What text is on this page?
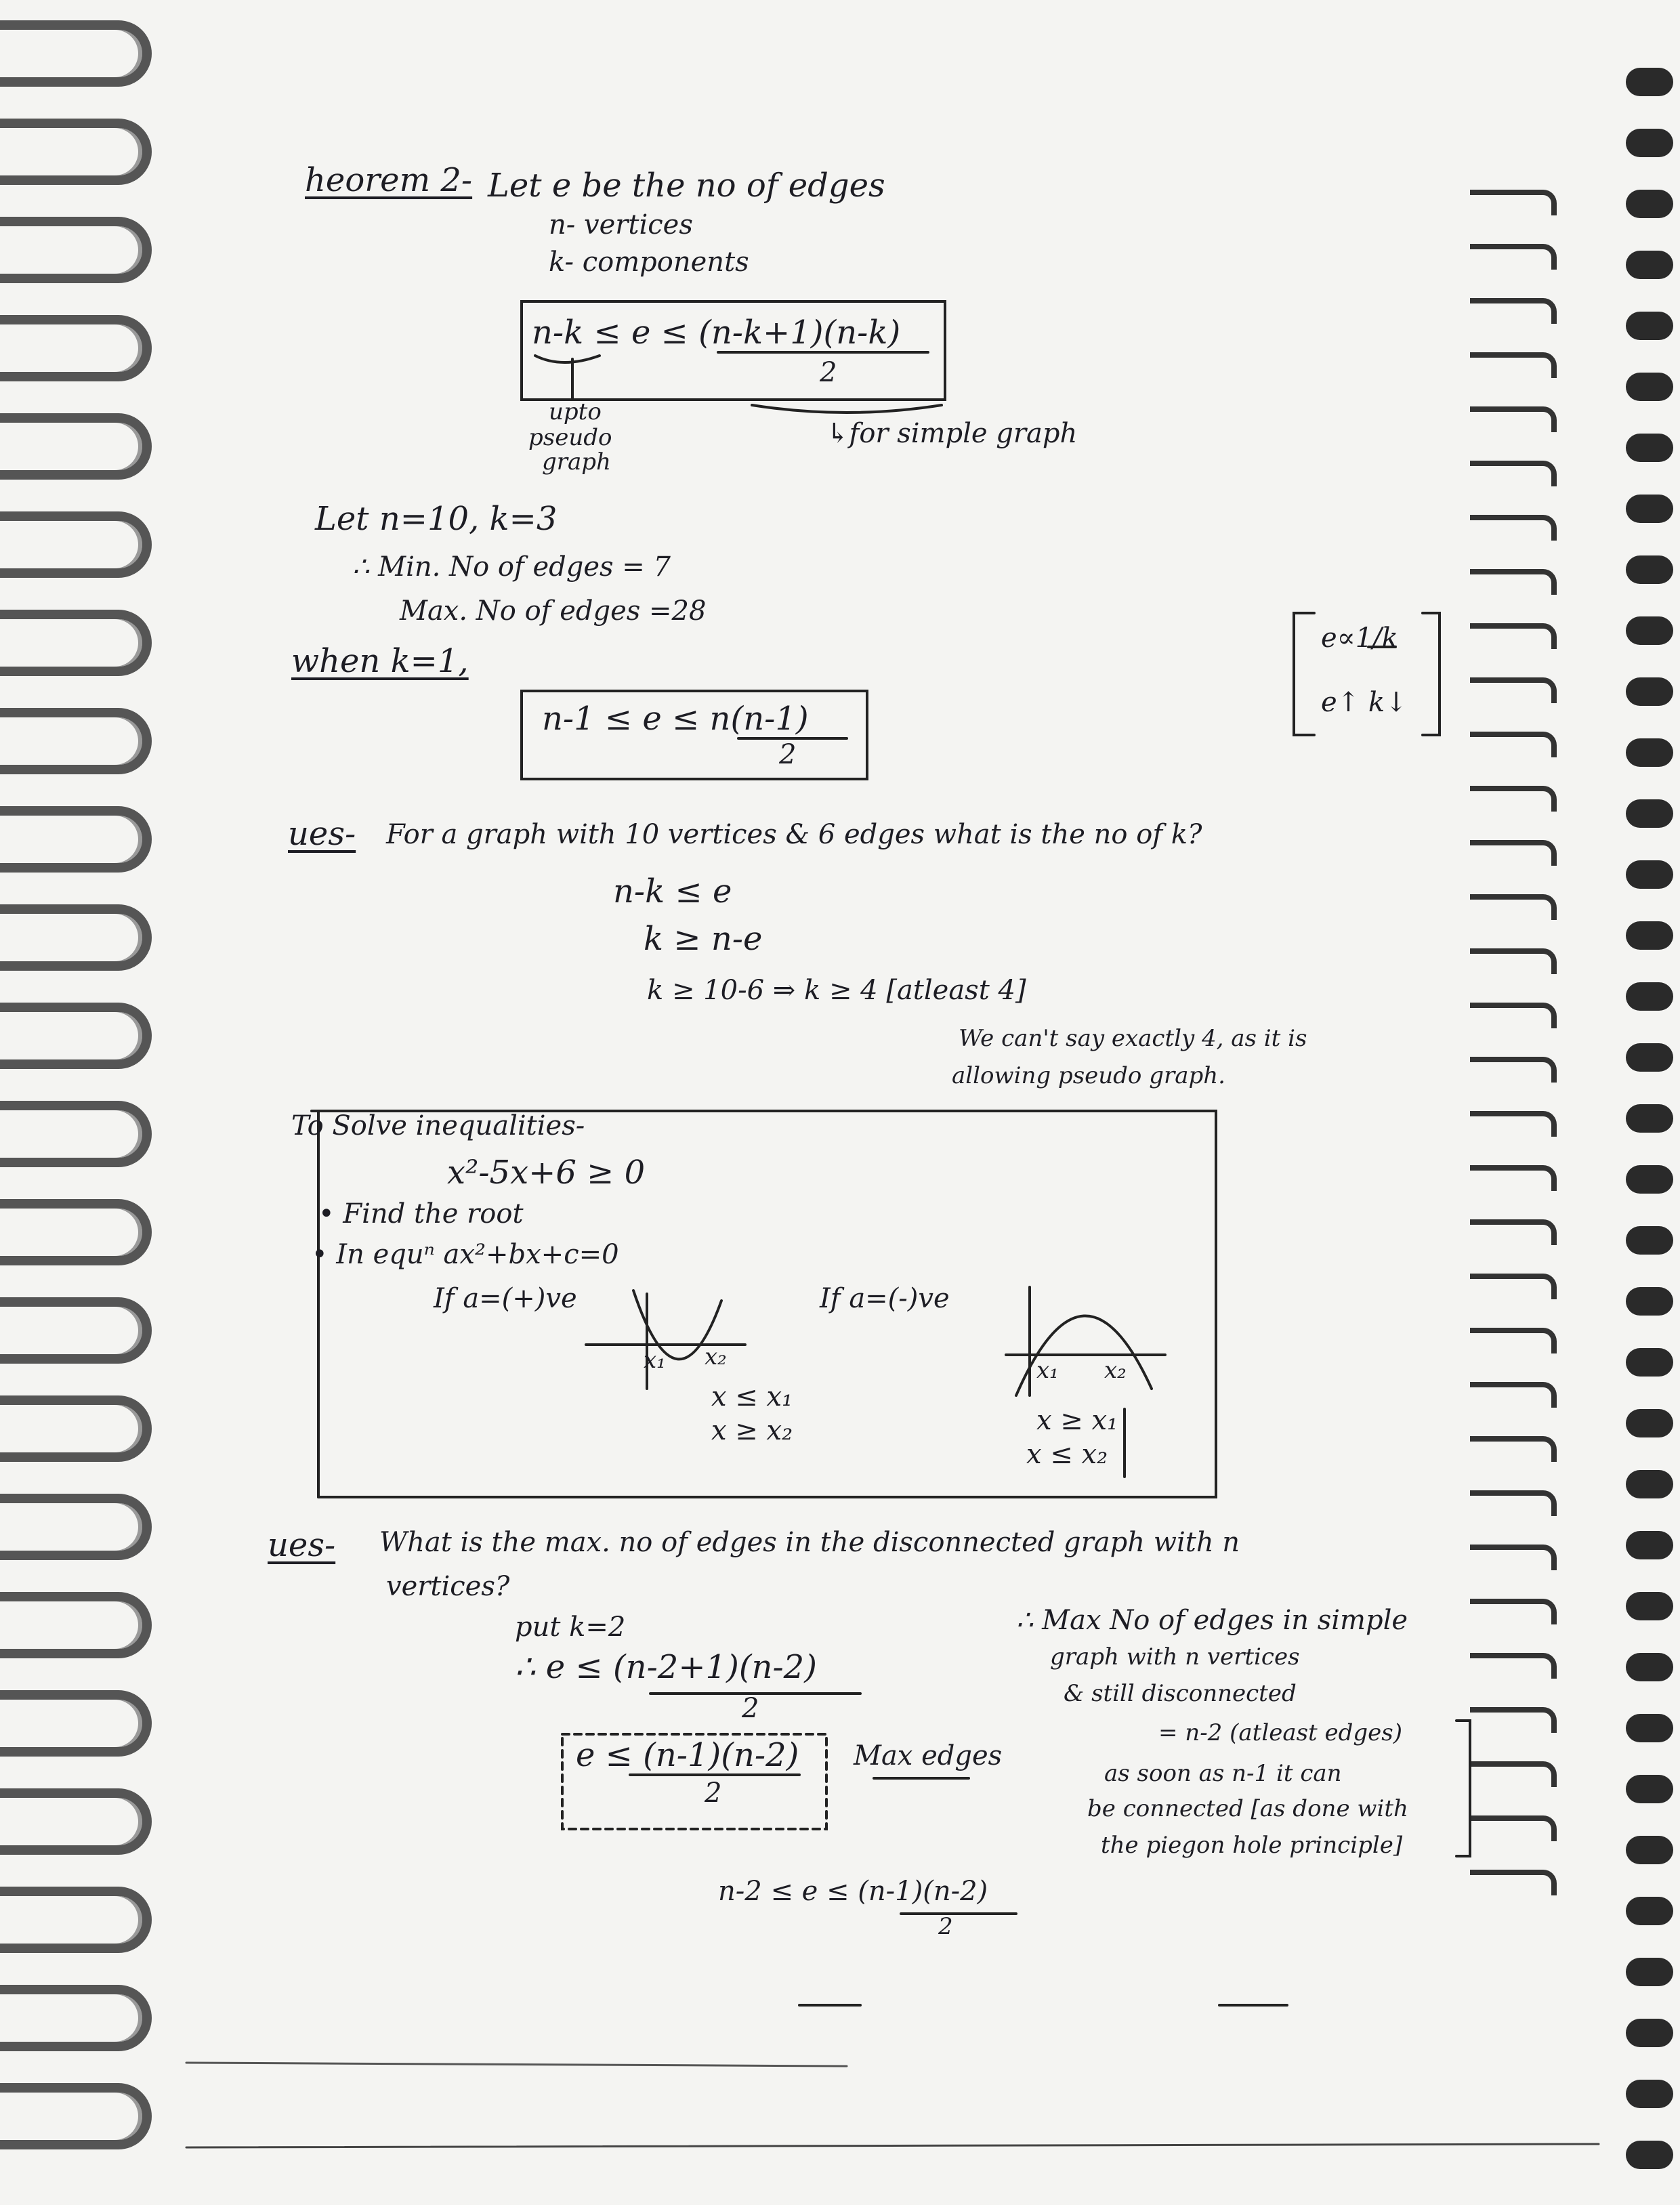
heorem 2- Let e be the no of edges
n- vertices
k- components
n-k ≤ e ≤ (n-k+1)(n-k)
2
upto
pseudo
graph
↳for simple graph
Let n=10, k=3
∴ Min. No of edges = 7
Max. No of edges =28
when k=1,
n-1 ≤ e ≤ n(n-1)
2
e∝1/k
e↑ k↓
ues- For a graph with 10 vertices & 6 edges what is the no of k?
n-k ≤ e
k ≥ n-e
k ≥ 10-6 ⇒ k ≥ 4 [atleast 4]
We can't say exactly 4, as it is
allowing pseudo graph.
To Solve inequalities-
x²-5x+6 ≥ 0
• Find the root
• In equⁿ ax²+bx+c=0
If a=(+)ve	If a=(-)ve
x₁ x₂
x ≤ x₁
x ≥ x₂
x₁ x₂
x ≥ x₁
x ≤ x₂
ues- What is the max. no of edges in the disconnected graph with n
vertices?
put k=2
∴ e ≤ (n-2+1)(n-2)
2
e ≤ (n-1)(n-2)
2
Max edges
n-2 ≤ e ≤ (n-1)(n-2)
2
∴ Max No of edges in simple
graph with n vertices
& still disconnected
= n-2 (atleast edges)
as soon as n-1 it can
be connected [as done with
the piegon hole principle]
